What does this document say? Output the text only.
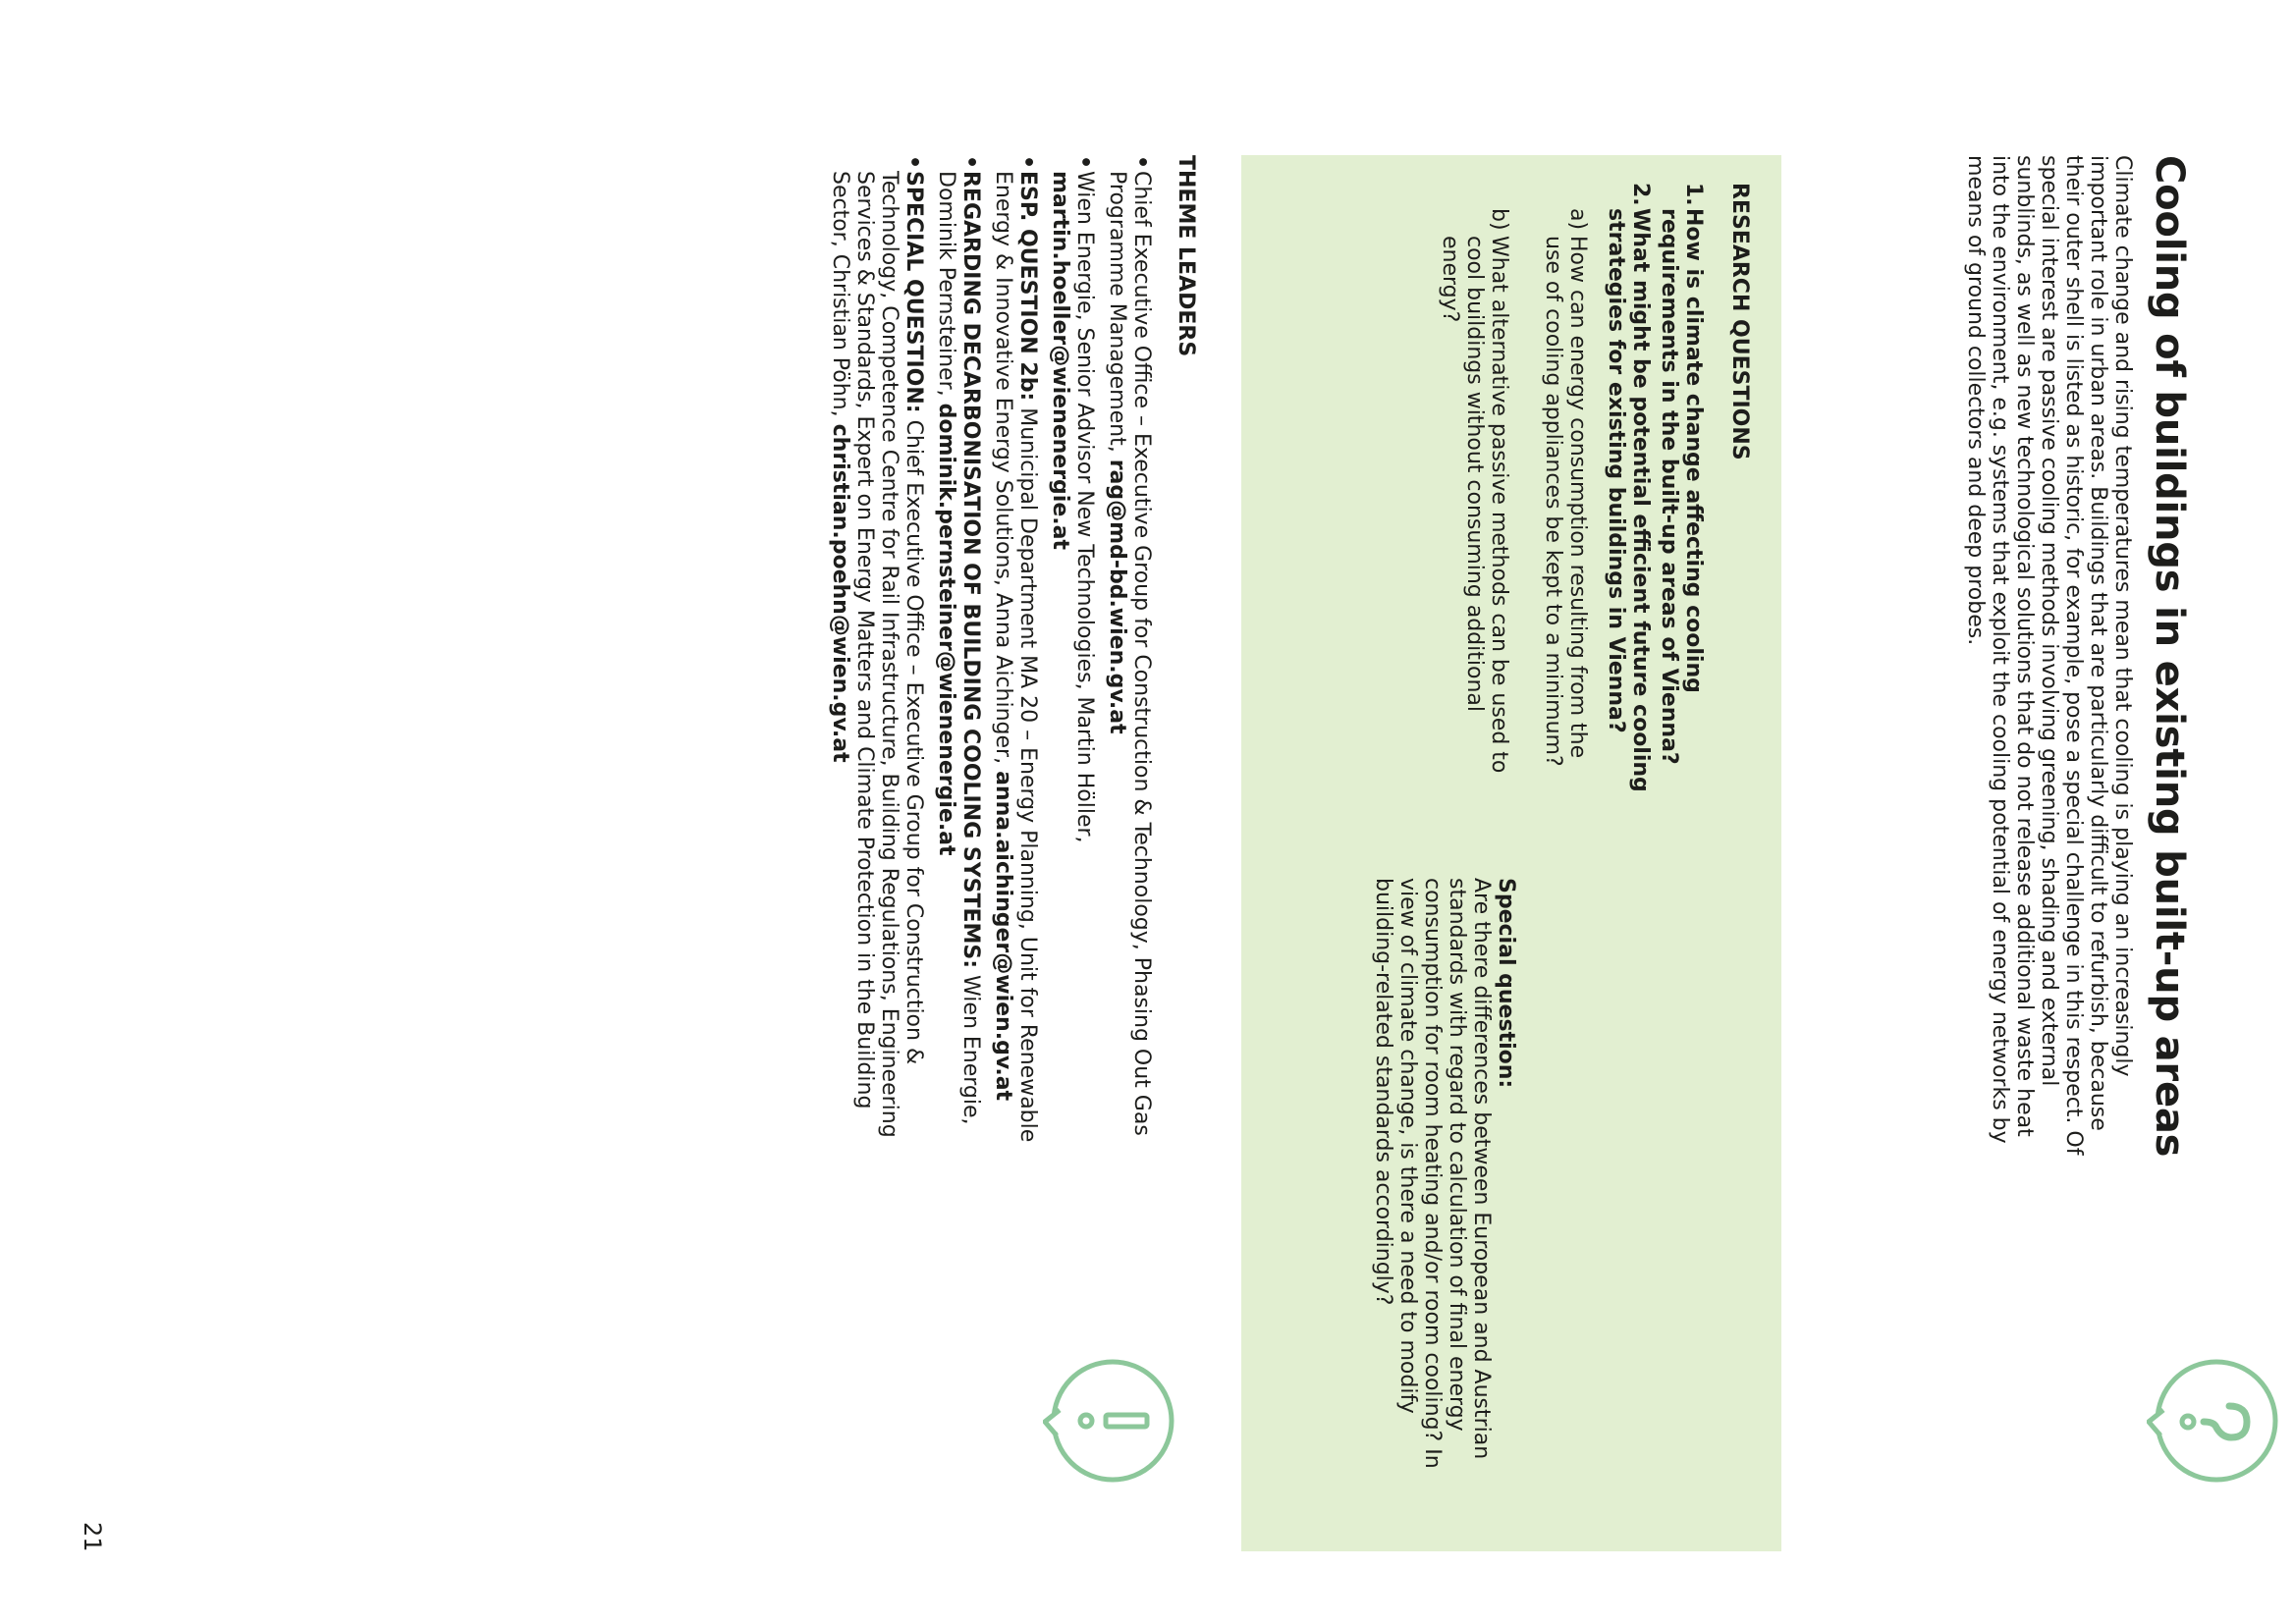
Cooling of buildings in existing built-up areas

Climate change and rising temperatures mean that cooling is playing an increasingly important role in urban areas. Buildings that are particularly difficult to refurbish, because their outer shell is listed as historic, for example, pose a special challenge in this respect. Of special interest are passive cooling methods involving greening, shading and external sunblinds, as well as new technological solutions that do not release additional waste heat into the environment, e.g. systems that exploit the cooling potential of energy networks by means of ground collectors and deep probes.

RESEARCH QUESTIONS
1.
How is climate change affecting cooling requirements in the built-up areas of Vienna?
2.
What might be potential efficient future cooling strategies for existing buildings in Vienna?
a)
How can energy consumption resulting from the use of cooling appliances be kept to a minimum?
b)
What alternative passive methods can be used to cool buildings without consuming additional energy?
Special question:
Are there differences between European and Austrian standards with regard to calculation of final energy consumption for room heating and/or room cooling? In view of climate change, is there a need to modify building-related standards accordingly?
THEME LEADERS
•
Chief Executive Office – Executive Group for Construction & Technology, Phasing Out Gas Programme Management, rag@md-bd.wien.gv.at
•
Wien Energie, Senior Advisor New Technologies, Martin Höller, martin.hoeller@wienenergie.at
•
ESP. QUESTION 2b: Municipal Department MA 20 – Energy Planning, Unit for Renewable Energy & Innovative Energy Solutions, Anna Aichinger, anna.aichinger@wien.gv.at
•
REGARDING DECARBONISATION OF BUILDING COOLING SYSTEMS: Wien Energie, Dominik Pernsteiner, dominik.pernsteiner@wienenergie.at
•
SPECIAL QUESTION: Chief Executive Office – Executive Group for Construction & Technology, Competence Centre for Rail Infrastructure, Building Regulations, Engineering Services & Standards, Expert on Energy Matters and Climate Protection in the Building Sector, Christian Pöhn, christian.poehn@wien.gv.at
21
